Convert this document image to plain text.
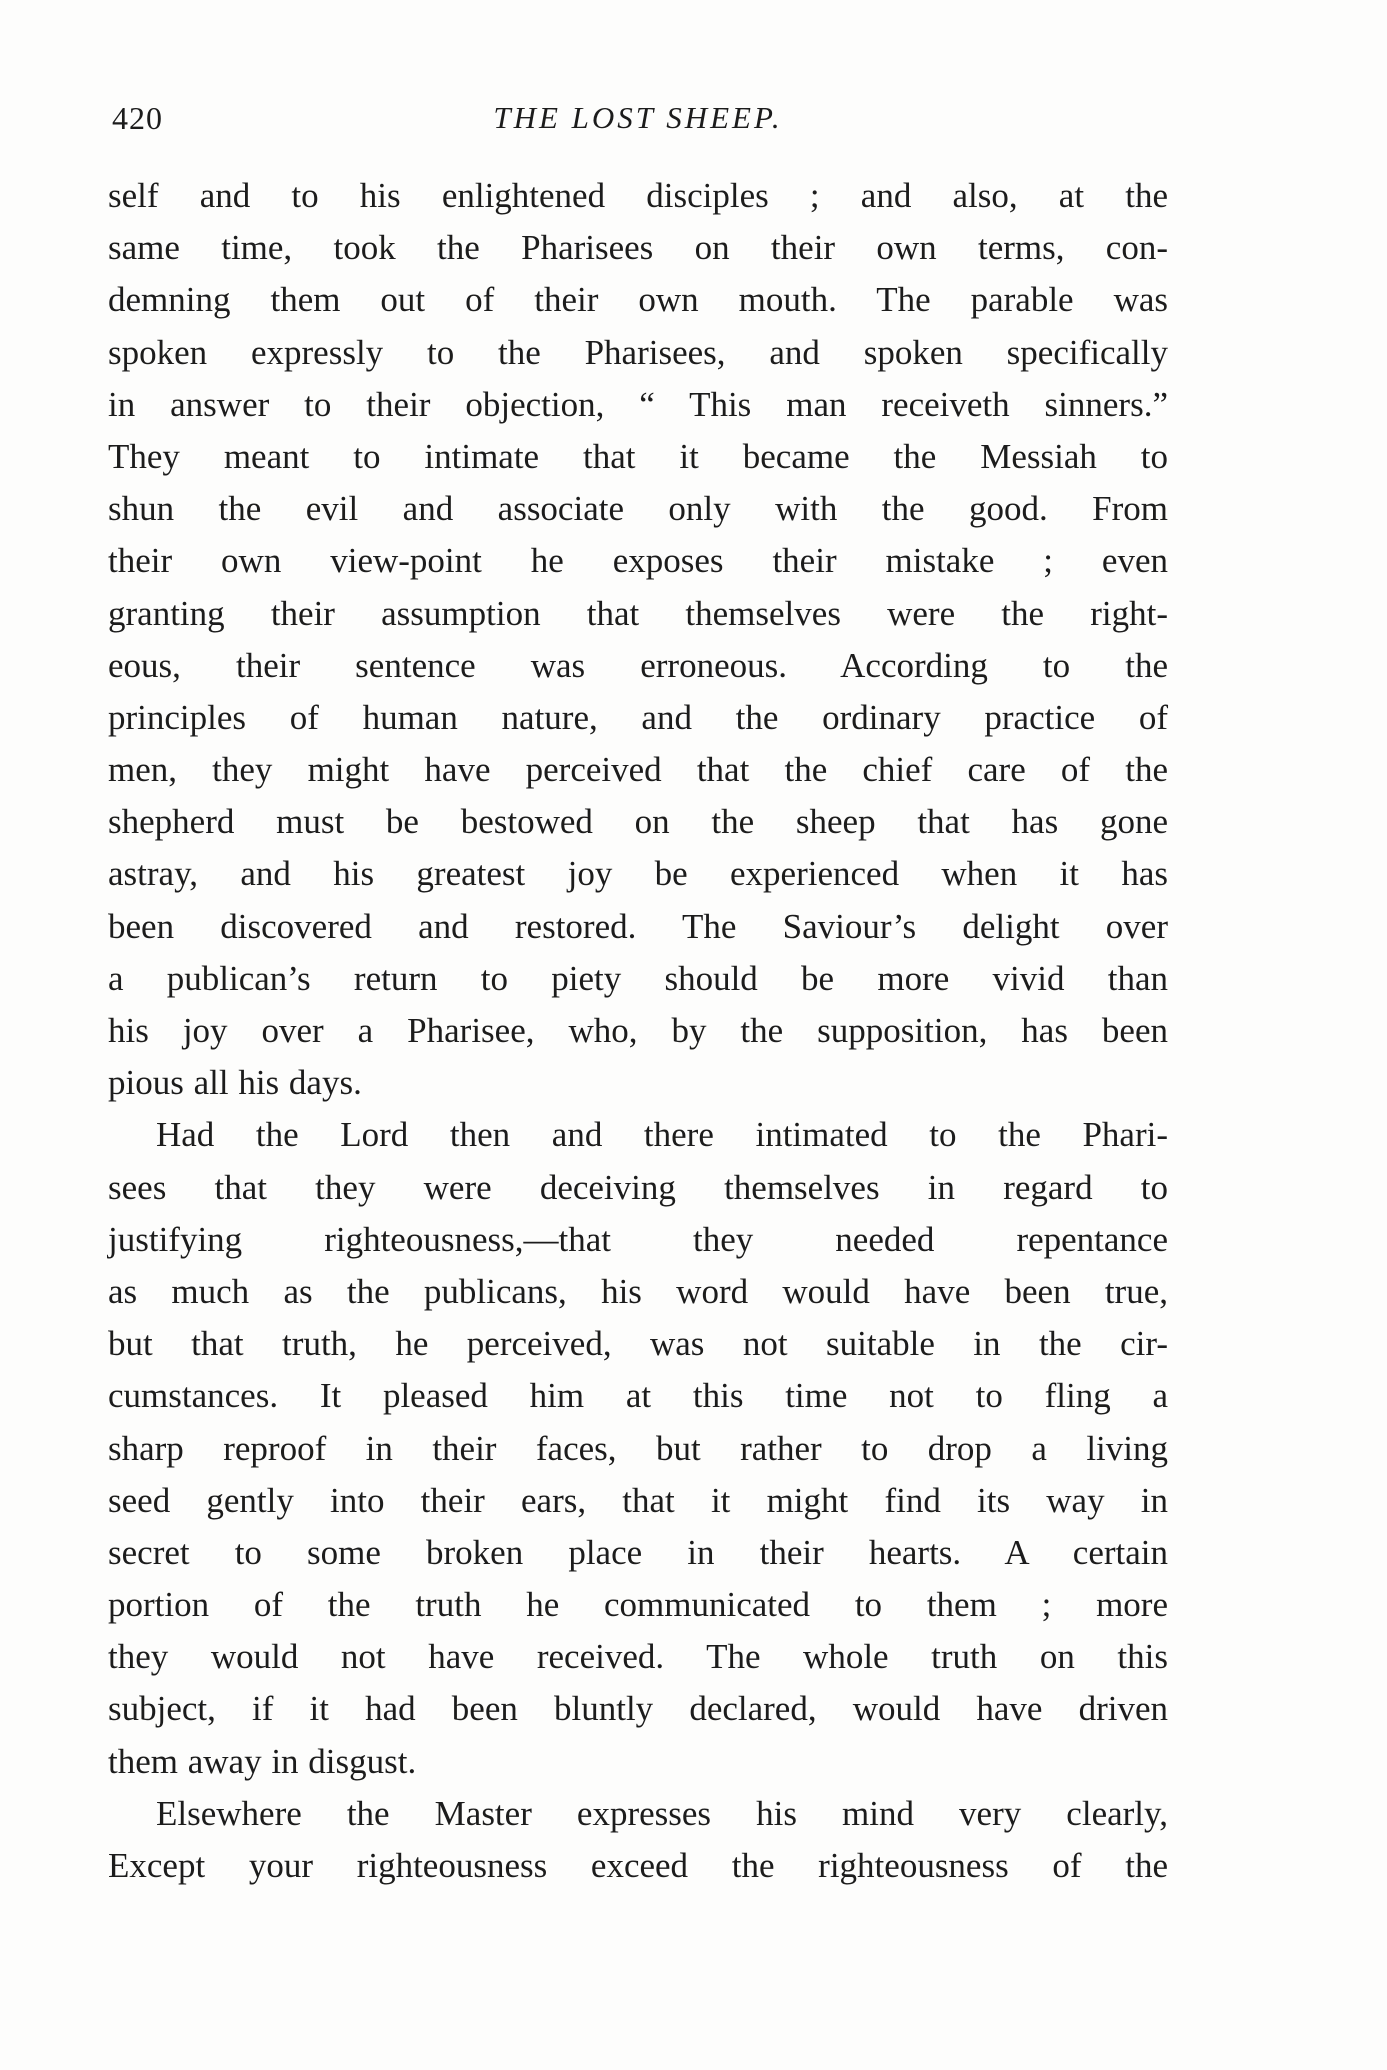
420	THE LOST SHEEP.
self and to his enlightened disciples ; and also, at the
same time, took the Pharisees on their own terms, con-
demning them out of their own mouth. The parable was
spoken expressly to the Pharisees, and spoken specifically
in answer to their objection, “ This man receiveth sinners.”
They meant to intimate that it became the Messiah to
shun the evil and associate only with the good. From
their own view-point he exposes their mistake ; even
granting their assumption that themselves were the right-
eous, their sentence was erroneous. According to the
principles of human nature, and the ordinary practice of
men, they might have perceived that the chief care of the
shepherd must be bestowed on the sheep that has gone
astray, and his greatest joy be experienced when it has
been discovered and restored. The Saviour’s delight over
a publican’s return to piety should be more vivid than
his joy over a Pharisee, who, by the supposition, has been
pious all his days.
Had the Lord then and there intimated to the Phari-
sees that they were deceiving themselves in regard to
justifying righteousness,—that they needed repentance
as much as the publicans, his word would have been true,
but that truth, he perceived, was not suitable in the cir-
cumstances. It pleased him at this time not to fling a
sharp reproof in their faces, but rather to drop a living
seed gently into their ears, that it might find its way in
secret to some broken place in their hearts. A certain
portion of the truth he communicated to them ; more
they would not have received. The whole truth on this
subject, if it had been bluntly declared, would have driven
them away in disgust.
Elsewhere the Master expresses his mind very clearly,
Except your righteousness exceed the righteousness of the
